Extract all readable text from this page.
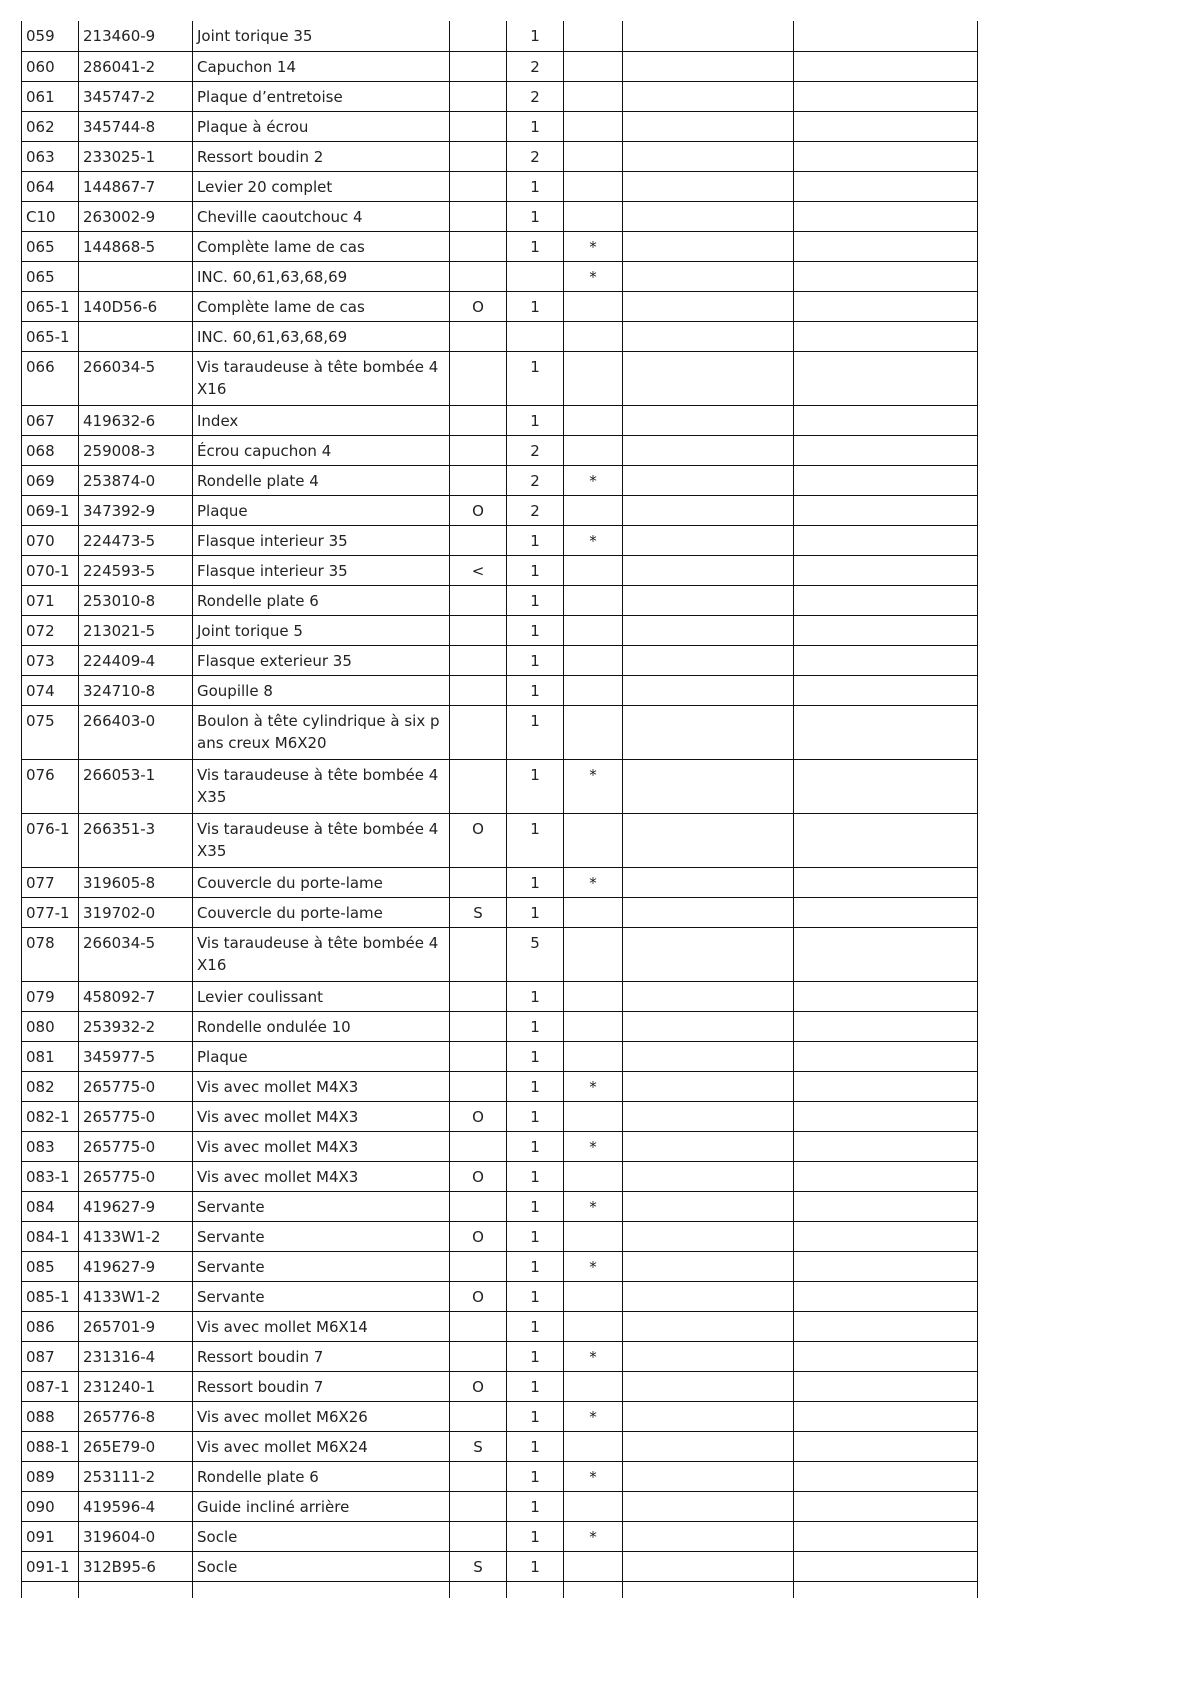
059	213460-9	Joint torique 35		1			
060	286041-2	Capuchon 14		2			
061	345747-2	Plaque d’entretoise		2			
062	345744-8	Plaque à écrou		1			
063	233025-1	Ressort boudin 2		2			
064	144867-7	Levier 20 complet		1			
C10	263002-9	Cheville caoutchouc 4		1			
065	144868-5	Complète lame de cas		1	*		
065		INC. 60,61,63,68,69			*		
065-1	140D56-6	Complète lame de cas	O	1			
065-1		INC. 60,61,63,68,69					
066	266034-5	Vis taraudeuse à tête bombée 4X16		1			
067	419632-6	Index		1			
068	259008-3	Écrou capuchon 4		2			
069	253874-0	Rondelle plate 4		2	*		
069-1	347392-9	Plaque	O	2			
070	224473-5	Flasque interieur 35		1	*		
070-1	224593-5	Flasque interieur 35	<	1			
071	253010-8	Rondelle plate 6		1			
072	213021-5	Joint torique 5		1			
073	224409-4	Flasque exterieur 35		1			
074	324710-8	Goupille 8		1			
075	266403-0	Boulon à tête cylindrique à six pans creux M6X20		1			
076	266053-1	Vis taraudeuse à tête bombée 4X35		1	*		
076-1	266351-3	Vis taraudeuse à tête bombée 4X35	O	1			
077	319605-8	Couvercle du porte-lame		1	*		
077-1	319702-0	Couvercle du porte-lame	S	1			
078	266034-5	Vis taraudeuse à tête bombée 4X16		5			
079	458092-7	Levier coulissant		1			
080	253932-2	Rondelle ondulée 10		1			
081	345977-5	Plaque		1			
082	265775-0	Vis avec mollet M4X3		1	*		
082-1	265775-0	Vis avec mollet M4X3	O	1			
083	265775-0	Vis avec mollet M4X3		1	*		
083-1	265775-0	Vis avec mollet M4X3	O	1			
084	419627-9	Servante		1	*		
084-1	4133W1-2	Servante	O	1			
085	419627-9	Servante		1	*		
085-1	4133W1-2	Servante	O	1			
086	265701-9	Vis avec mollet M6X14		1			
087	231316-4	Ressort boudin 7		1	*		
087-1	231240-1	Ressort boudin 7	O	1			
088	265776-8	Vis avec mollet M6X26		1	*		
088-1	265E79-0	Vis avec mollet M6X24	S	1			
089	253111-2	Rondelle plate 6		1	*		
090	419596-4	Guide incliné arrière		1			
091	319604-0	Socle		1	*		
091-1	312B95-6	Socle	S	1			
